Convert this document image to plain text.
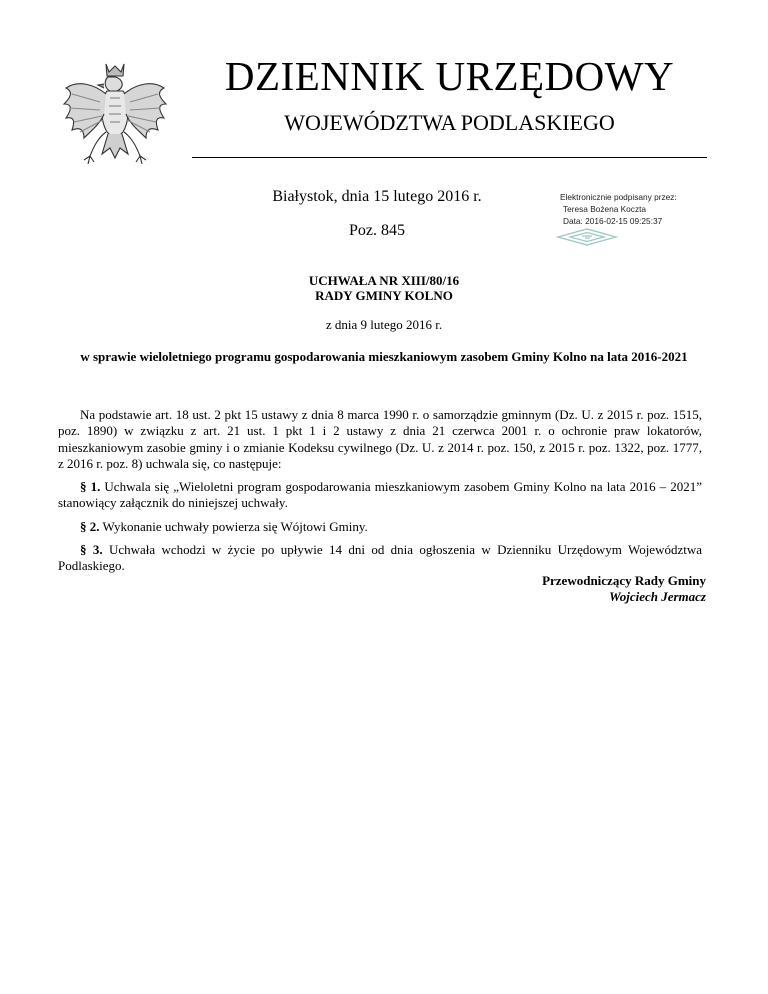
DZIENNIK URZĘDOWY
WOJEWÓDZTWA PODLASKIEGO
Białystok, dnia 15 lutego 2016 r.
Poz. 845
Elektronicznie podpisany przez:
Teresa Bożena Koczta
Data: 2016-02-15 09:25:37
UCHWAŁA NR XIII/80/16
RADY GMINY KOLNO
z dnia 9 lutego 2016 r.
w sprawie wieloletniego programu gospodarowania mieszkaniowym zasobem Gminy Kolno na lata 2016-2021

Na podstawie art. 18 ust. 2 pkt 15 ustawy z dnia 8 marca 1990 r. o samorządzie gminnym (Dz. U. z 2015 r. poz. 1515, poz. 1890) w związku z art. 21 ust. 1 pkt 1 i 2 ustawy z dnia 21 czerwca 2001 r. o ochronie praw lokatorów, mieszkaniowym zasobie gminy i o zmianie Kodeksu cywilnego (Dz. U. z 2014 r. poz. 150, z 2015 r. poz. 1322, poz. 1777, z 2016 r. poz. 8) uchwala się, co następuje:

§ 1. Uchwala się „Wieloletni program gospodarowania mieszkaniowym zasobem Gminy Kolno na lata 2016 – 2021” stanowiący załącznik do niniejszej uchwały.

§ 2. Wykonanie uchwały powierza się Wójtowi Gminy.

§ 3. Uchwała wchodzi w życie po upływie 14 dni od dnia ogłoszenia w Dzienniku Urzędowym Województwa Podlaskiego.

Przewodniczący Rady Gminy
Wojciech Jermacz
